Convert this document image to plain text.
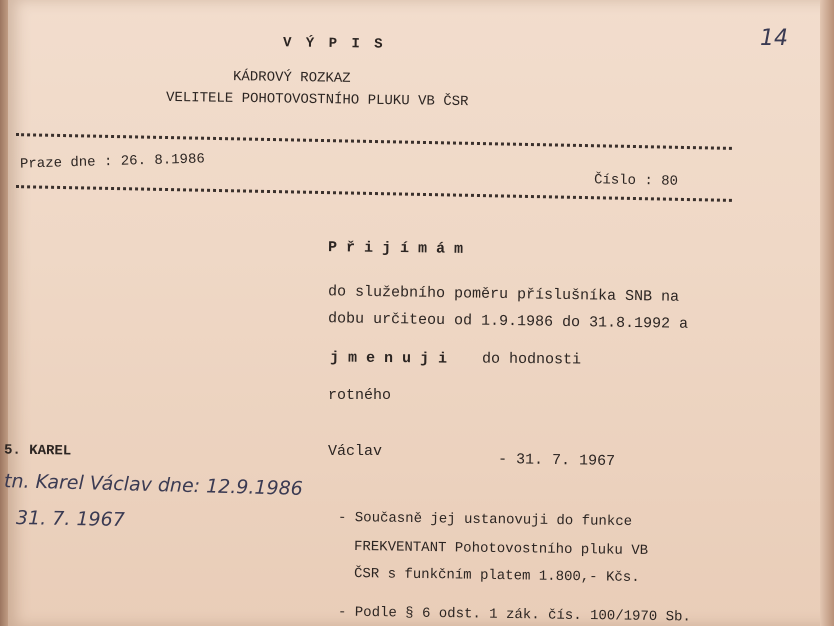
V Ý P I S
KÁDROVÝ ROZKAZ
VELITELE POHOTOVOSTNÍHO PLUKU VB ČSR
14
Praze dne : 26. 8.1986
Číslo : 80
P ř i j í m á m
do služebního poměru příslušníka SNB na
dobu určiteou od 1.9.1986 do 31.8.1992 a
j m e n u j i do hodnosti
rotného
5. KAREL	Václav	- 31. 7. 1967
tn. Karel Václav dne: 12.9.1986
31. 7. 1967	- Současně jej ustanovuji do funkce
FREKVENTANT Pohotovostního pluku VB
ČSR s funkčním platem 1.800,- Kčs.
- Podle § 6 odst. 1 zák. čís. 100/1970 Sb.
